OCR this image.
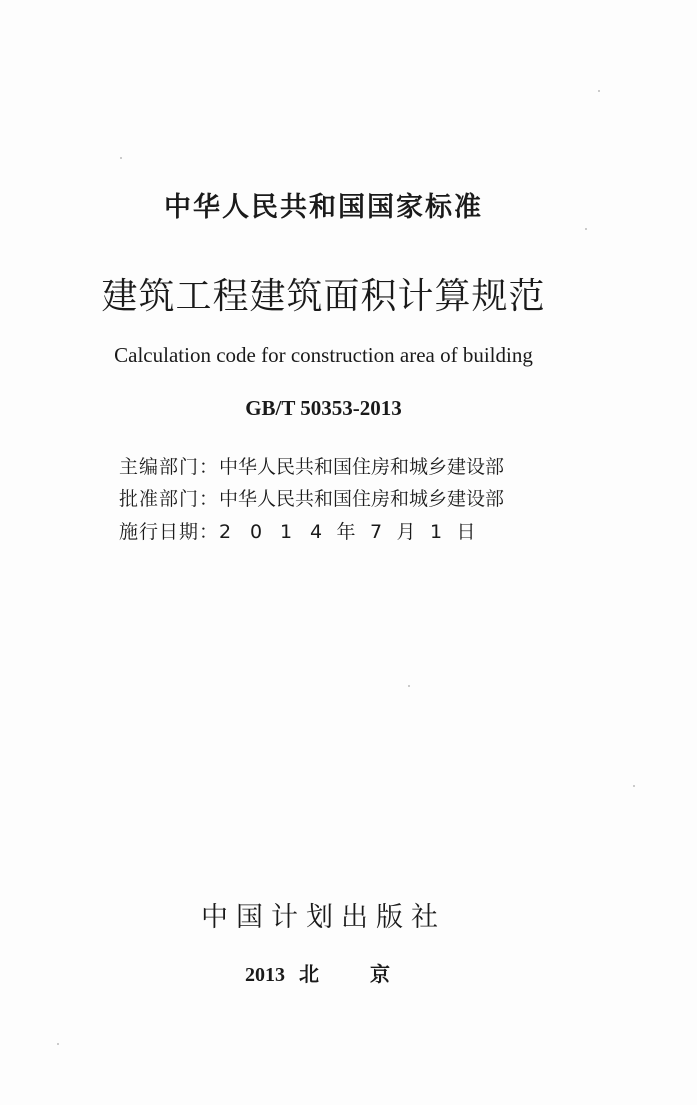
中华人民共和国国家标准
建筑工程建筑面积计算规范
Calculation code for construction area of building
GB/T 50353-2013
主编部门：中华人民共和国住房和城乡建设部
批准部门：中华人民共和国住房和城乡建设部
施行日期：2 0 1 4 年 7 月 1 日
中国计划出版社
2013 北 京
